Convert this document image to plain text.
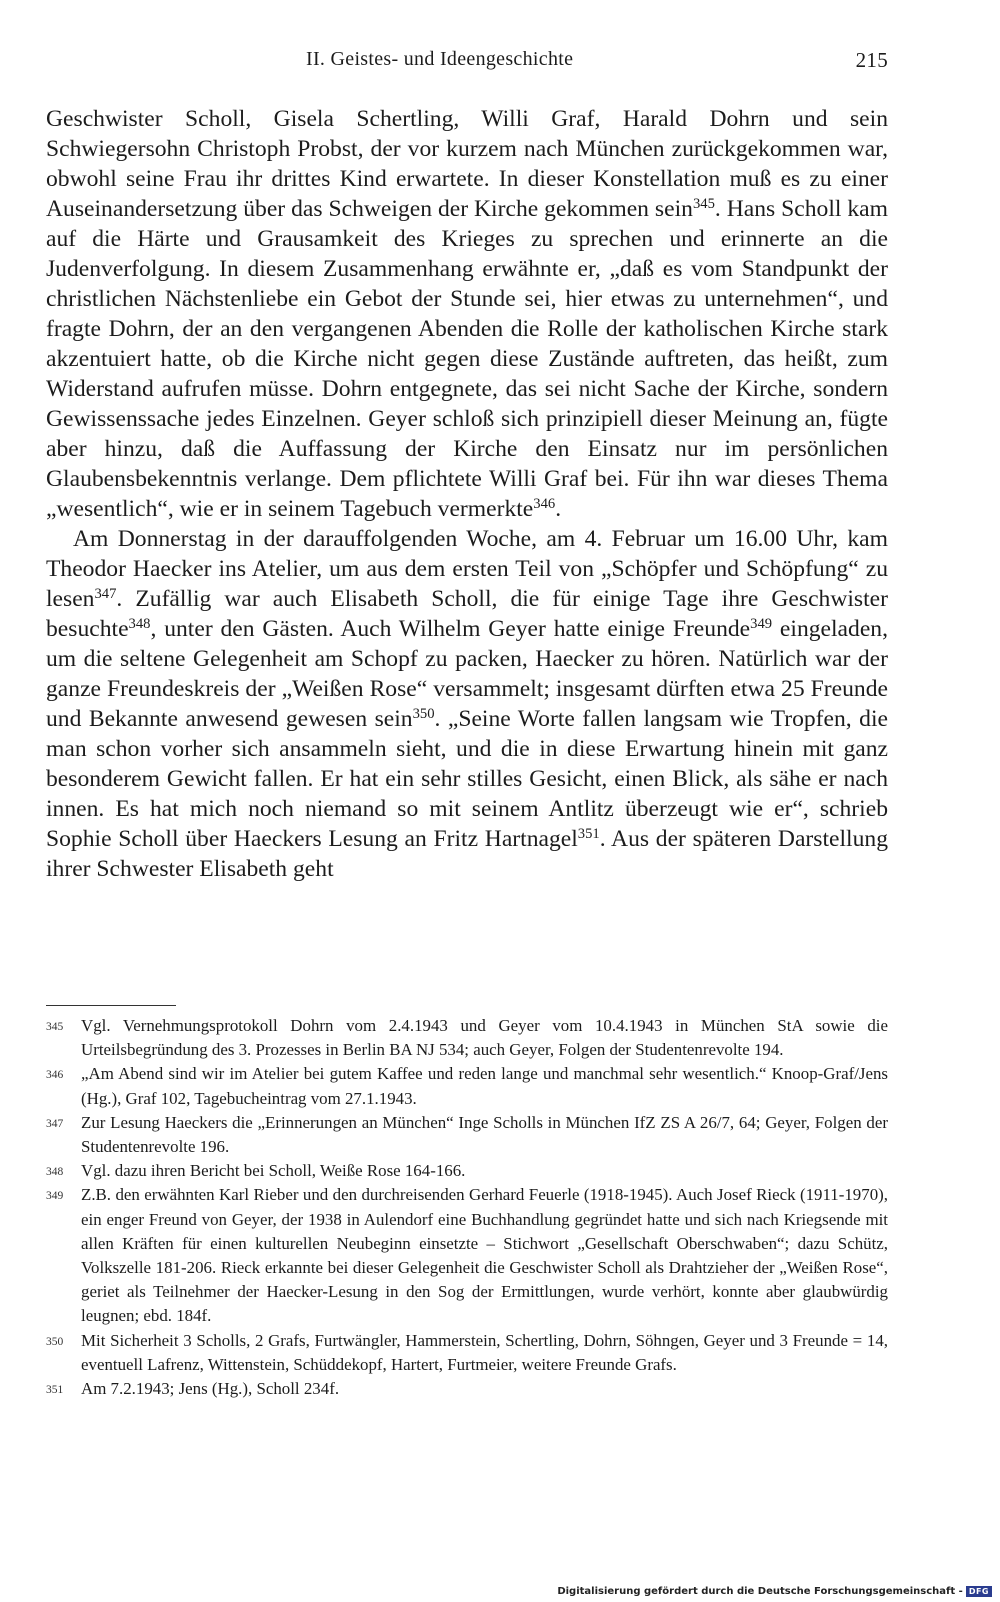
II. Geistes- und Ideengeschichte	215

Geschwister Scholl, Gisela Schertling, Willi Graf, Harald Dohrn und sein Schwiegersohn Christoph Probst, der vor kurzem nach München zurückgekommen war, obwohl seine Frau ihr drittes Kind erwartete. In dieser Konstellation muß es zu einer Auseinandersetzung über das Schweigen der Kirche gekommen sein$^{345}$. Hans Scholl kam auf die Härte und Grausamkeit des Krieges zu sprechen und erinnerte an die Judenverfolgung. In diesem Zusammenhang erwähnte er, „daß es vom Standpunkt der christlichen Nächstenliebe ein Gebot der Stunde sei, hier etwas zu unternehmen“, und fragte Dohrn, der an den vergangenen Abenden die Rolle der katholischen Kirche stark akzentuiert hatte, ob die Kirche nicht gegen diese Zustände auftreten, das heißt, zum Widerstand aufrufen müsse. Dohrn entgegnete, das sei nicht Sache der Kirche, sondern Gewissenssache jedes Einzelnen. Geyer schloß sich prinzipiell dieser Meinung an, fügte aber hinzu, daß die Auffassung der Kirche den Einsatz nur im persönlichen Glaubensbekenntnis verlange. Dem pflichtete Willi Graf bei. Für ihn war dieses Thema „wesentlich“, wie er in seinem Tagebuch vermerkte$^{346}$.

Am Donnerstag in der darauffolgenden Woche, am 4. Februar um 16.00 Uhr, kam Theodor Haecker ins Atelier, um aus dem ersten Teil von „Schöpfer und Schöpfung“ zu lesen$^{347}$. Zufällig war auch Elisabeth Scholl, die für einige Tage ihre Geschwister besuchte$^{348}$, unter den Gästen. Auch Wilhelm Geyer hatte einige Freunde$^{349}$ eingeladen, um die seltene Gelegenheit am Schopf zu packen, Haecker zu hören. Natürlich war der ganze Freundeskreis der „Weißen Rose“ versammelt; insgesamt dürften etwa 25 Freunde und Bekannte anwesend gewesen sein$^{350}$. „Seine Worte fallen langsam wie Tropfen, die man schon vorher sich ansammeln sieht, und die in diese Erwartung hinein mit ganz besonderem Gewicht fallen. Er hat ein sehr stilles Gesicht, einen Blick, als sähe er nach innen. Es hat mich noch niemand so mit seinem Antlitz überzeugt wie er“, schrieb Sophie Scholl über Haeckers Lesung an Fritz Hartnagel$^{351}$. Aus der späteren Darstellung ihrer Schwester Elisabeth geht

345 Vgl. Vernehmungsprotokoll Dohrn vom 2.4.1943 und Geyer vom 10.4.1943 in München StA sowie die Urteilsbegründung des 3. Prozesses in Berlin BA NJ 534; auch Geyer, Folgen der Studentenrevolte 194.
346 „Am Abend sind wir im Atelier bei gutem Kaffee und reden lange und manchmal sehr wesentlich.“ Knoop-Graf/Jens (Hg.), Graf 102, Tagebucheintrag vom 27.1.1943.
347 Zur Lesung Haeckers die „Erinnerungen an München“ Inge Scholls in München IfZ ZS A 26/7, 64; Geyer, Folgen der Studentenrevolte 196.
348 Vgl. dazu ihren Bericht bei Scholl, Weiße Rose 164-166.
349 Z.B. den erwähnten Karl Rieber und den durchreisenden Gerhard Feuerle (1918-1945). Auch Josef Rieck (1911-1970), ein enger Freund von Geyer, der 1938 in Aulendorf eine Buchhandlung gegründet hatte und sich nach Kriegsende mit allen Kräften für einen kulturellen Neubeginn einsetzte – Stichwort „Gesellschaft Oberschwaben“; dazu Schütz, Volkszelle 181-206. Rieck erkannte bei dieser Gelegenheit die Geschwister Scholl als Drahtzieher der „Weißen Rose“, geriet als Teilnehmer der Haecker-Lesung in den Sog der Ermittlungen, wurde verhört, konnte aber glaubwürdig leugnen; ebd. 184f.
350 Mit Sicherheit 3 Scholls, 2 Grafs, Furtwängler, Hammerstein, Schertling, Dohrn, Söhngen, Geyer und 3 Freunde = 14, eventuell Lafrenz, Wittenstein, Schüddekopf, Hartert, Furtmeier, weitere Freunde Grafs.
351 Am 7.2.1943; Jens (Hg.), Scholl 234f.
Digitalisierung gefördert durch die Deutsche Forschungsgemeinschaft - DFG
